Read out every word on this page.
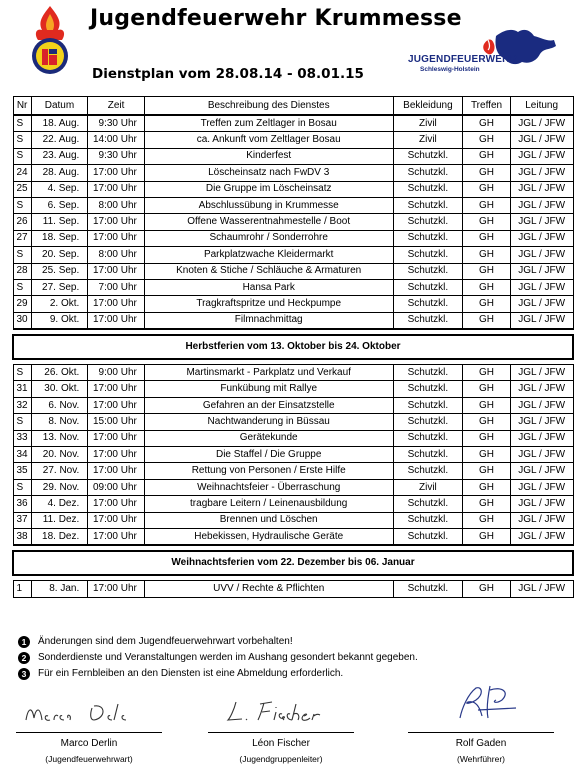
Jugendfeuerwehr Krummesse
Dienstplan vom 28.08.14 - 08.01.15
JUGENDFEUERWEHR
Schleswig-Holstein
Nr	Datum	Zeit	Beschreibung des Dienstes	Bekleidung	Treffen	Leitung
S	18. Aug.	9:30 Uhr	Treffen zum Zeltlager in Bosau	Zivil	GH	JGL / JFW
S	22. Aug.	14:00 Uhr	ca. Ankunft vom Zeltlager Bosau	Zivil	GH	JGL / JFW
S	23. Aug.	9:30 Uhr	Kinderfest	Schutzkl.	GH	JGL / JFW
24	28. Aug.	17:00 Uhr	Löscheinsatz nach FwDV 3	Schutzkl.	GH	JGL / JFW
25	4. Sep.	17:00 Uhr	Die Gruppe im Löscheinsatz	Schutzkl.	GH	JGL / JFW
S	6. Sep.	8:00 Uhr	Abschlussübung in Krummesse	Schutzkl.	GH	JGL / JFW
26	11. Sep.	17:00 Uhr	Offene Wasserentnahmestelle / Boot	Schutzkl.	GH	JGL / JFW
27	18. Sep.	17:00 Uhr	Schaumrohr / Sonderrohre	Schutzkl.	GH	JGL / JFW
S	20. Sep.	8:00 Uhr	Parkplatzwache Kleidermarkt	Schutzkl.	GH	JGL / JFW
28	25. Sep.	17:00 Uhr	Knoten & Stiche / Schläuche & Armaturen	Schutzkl.	GH	JGL / JFW
S	27. Sep.	7:00 Uhr	Hansa Park	Schutzkl.	GH	JGL / JFW
29	2. Okt.	17:00 Uhr	Tragkraftspritze und Heckpumpe	Schutzkl.	GH	JGL / JFW
30	9. Okt.	17:00 Uhr	Filmnachmittag	Schutzkl.	GH	JGL / JFW

Herbstferien vom 13. Oktober bis 24. Oktober						

S	26. Okt.	9:00 Uhr	Martinsmarkt - Parkplatz und Verkauf	Schutzkl.	GH	JGL / JFW
31	30. Okt.	17:00 Uhr	Funkübung mit Rallye	Schutzkl.	GH	JGL / JFW
32	6. Nov.	17:00 Uhr	Gefahren an der Einsatzstelle	Schutzkl.	GH	JGL / JFW
S	8. Nov.	15:00 Uhr	Nachtwanderung in Büssau	Schutzkl.	GH	JGL / JFW
33	13. Nov.	17:00 Uhr	Gerätekunde	Schutzkl.	GH	JGL / JFW
34	20. Nov.	17:00 Uhr	Die Staffel / Die Gruppe	Schutzkl.	GH	JGL / JFW
35	27. Nov.	17:00 Uhr	Rettung von Personen / Erste Hilfe	Schutzkl.	GH	JGL / JFW
S	29. Nov.	09:00 Uhr	Weihnachtsfeier - Überraschung	Zivil	GH	JGL / JFW
36	4. Dez.	17:00 Uhr	tragbare Leitern / Leinenausbildung	Schutzkl.	GH	JGL / JFW
37	11. Dez.	17:00 Uhr	Brennen und Löschen	Schutzkl.	GH	JGL / JFW
38	18. Dez.	17:00 Uhr	Hebekissen, Hydraulische Geräte	Schutzkl.	GH	JGL / JFW

Weihnachtsferien vom 22. Dezember bis 06. Januar						

1	8. Jan.	17:00 Uhr	UVV / Rechte & Pflichten	Schutzkl.	GH	JGL / JFW
1	Änderungen sind dem Jugendfeuerwehrwart vorbehalten!
2	Sonderdienste und Veranstaltungen werden im Aushang gesondert bekannt gegeben.
3	Für ein Fernbleiben an den Diensten ist eine Abmeldung erforderlich.
Marco Derlin
(Jugendfeuerwehrwart)
Léon Fischer
(Jugendgruppenleiter)
Rolf Gaden
(Wehrführer)
